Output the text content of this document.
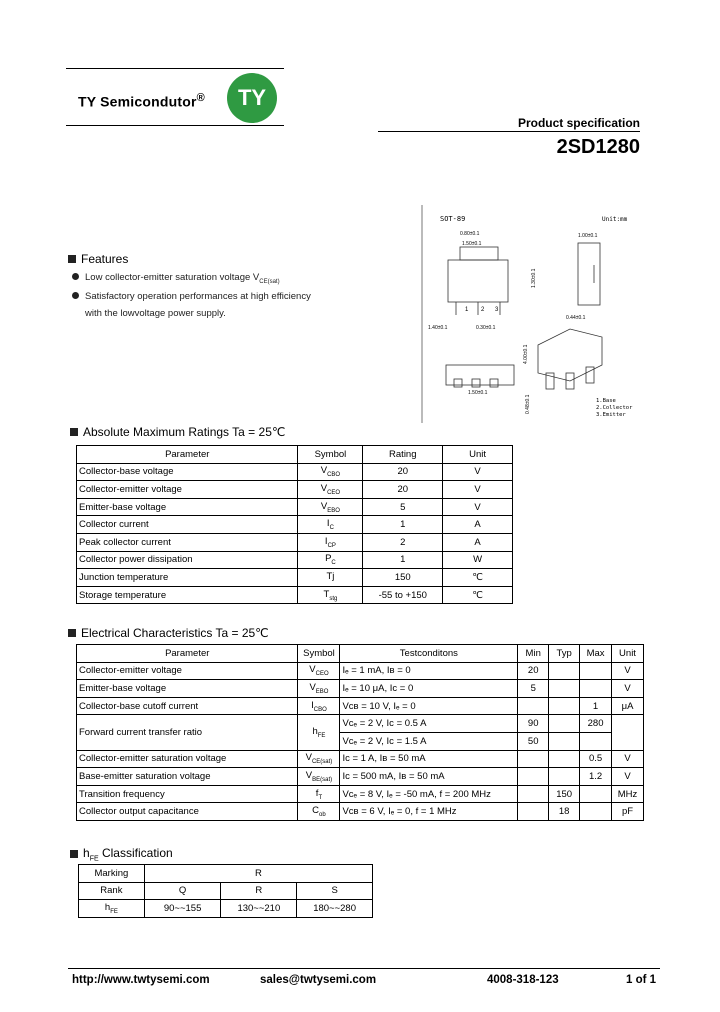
TY Semicondutor® TY
Product specification
2SD1280
SOT-89	Unit:mm
1 2 3
0.80±0.1
1.50±0.1
1.00±0.1
0.44±0.1
1.40±0.1	0.30±0.1
1.50±0.1
1.30±0.1
4.00±0.1
0.48±0.1	1.Base
2.Collector
3.Emitter
Features
Low collector-emitter saturation voltage $V_{CE(sat)}$
Satisfactory operation performances at high efficiency
with the lowvoltage power supply.
Absolute Maximum Ratings Ta = 25℃
Parameter	Symbol	Rating	Unit
Collector-base voltage	$V_{CBO}$	20	V
Collector-emitter voltage	$V_{CEO}$	20	V
Emitter-base voltage	$V_{EBO}$	5	V
Collector current	$I_C$	1	A
Peak collector current	$I_{CP}$	2	A
Collector power dissipation	$P_C$	1	W
Junction temperature	Tj	150	℃
Storage temperature	$T_{stg}$	-55 to +150	℃
Electrical Characteristics Ta = 25℃
Parameter	Symbol	Testconditons	Min	Typ	Max	Unit
Collector-emitter voltage	$V_{CEO}$	Iₑ = 1 mA, Iʙ = 0	20			V
Emitter-base voltage	$V_{EBO}$	Iₑ = 10 μA, Iᴄ = 0	5			V
Collector-base cutoff current	$I_{CBO}$	Vᴄʙ = 10 V, Iₑ = 0			1	μA
Forward current transfer ratio	$h_{FE}$	Vᴄₑ = 2 V, Iᴄ = 0.5 A	90		280	
		Vᴄₑ = 2 V, Iᴄ = 1.5 A	50			
Collector-emitter saturation voltage	$V_{CE(sat)}$	Iᴄ = 1 A, Iʙ = 50 mA			0.5	V
Base-emitter saturation voltage	$V_{BE(sat)}$	Iᴄ = 500 mA, Iʙ = 50 mA			1.2	V
Transition frequency	$f_T$	Vᴄₑ = 8 V, Iₑ = -50 mA, f = 200 MHz		150		MHz
Collector output capacitance	$C_{ob}$	Vᴄʙ = 6 V, Iₑ = 0, f = 1 MHz		18		pF
$h_{FE}$ Classification
Marking	R		
Rank	Q	R	S
$h_{FE}$	90~~155	130~~210	180~~280
http://www.twtysemi.com	sales@twtysemi.com	4008-318-123	1 of 1
